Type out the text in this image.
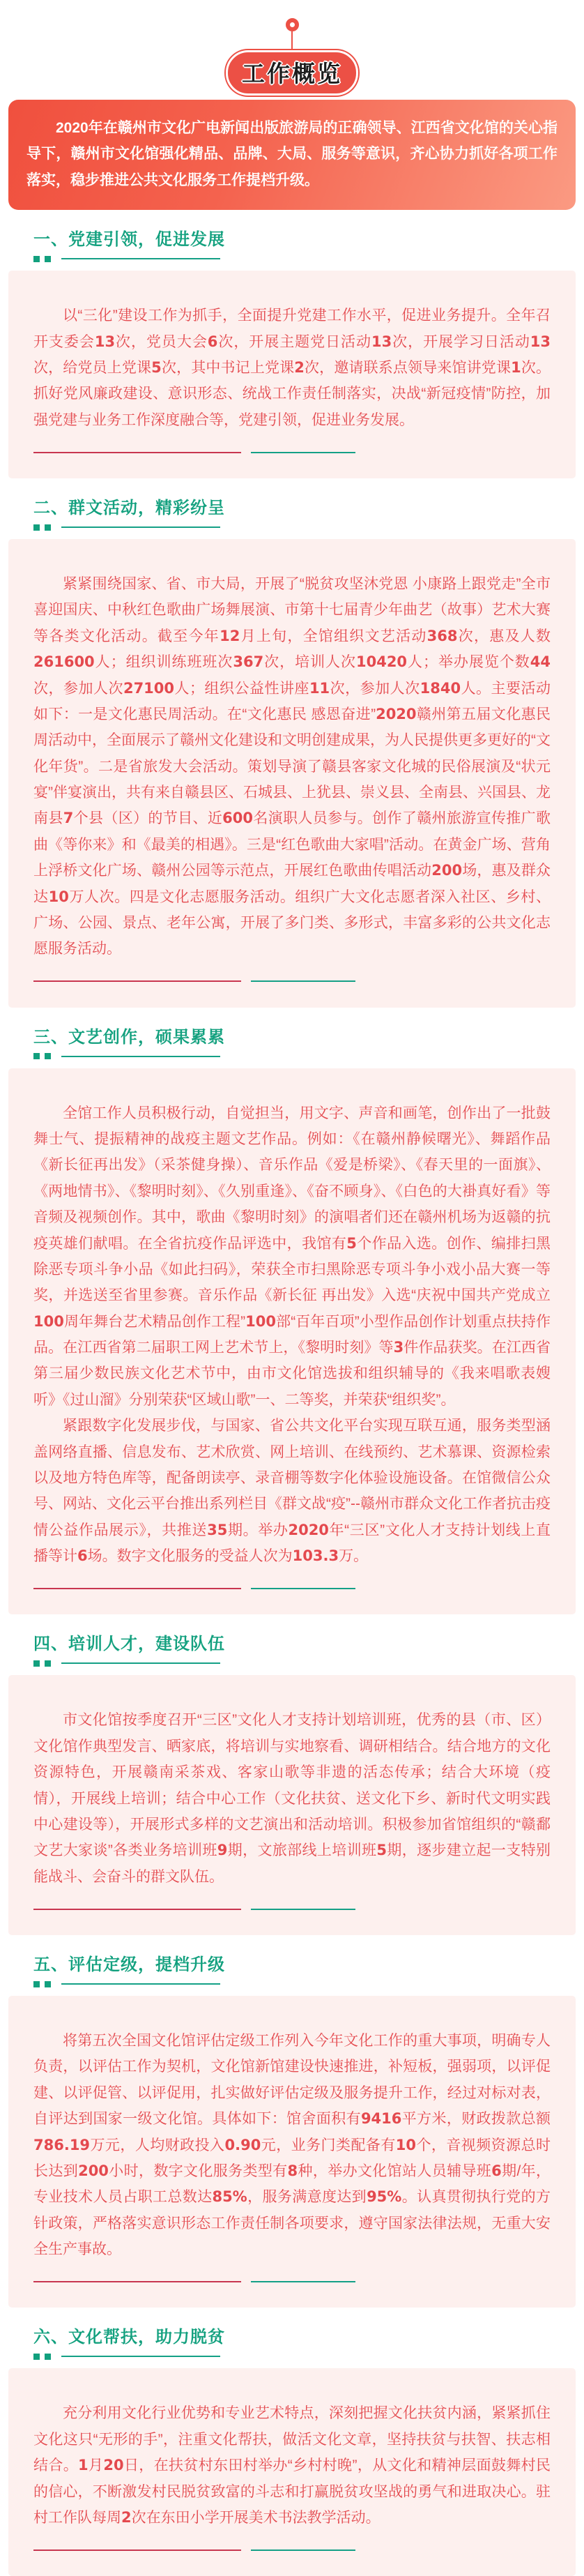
工作概览

2020年在赣州市文化广电新闻出版旅游局的正确领导、江西省文化馆的关心指导下，赣州市文化馆强化精品、品牌、大局、服务等意识，齐心协力抓好各项工作落实，稳步推进公共文化服务工作提档升级。

一、党建引领，促进发展

以“三化”建设工作为抓手，全面提升党建工作水平，促进业务提升。全年召开支委会13次，党员大会6次，开展主题党日活动13次，开展学习日活动13次，给党员上党课5次，其中书记上党课2次，邀请联系点领导来馆讲党课1次。抓好党风廉政建设、意识形态、统战工作责任制落实，决战“新冠疫情”防控，加强党建与业务工作深度融合等，党建引领，促进业务发展。

二、群文活动，精彩纷呈

紧紧围绕国家、省、市大局，开展了“脱贫攻坚沐党恩 小康路上跟党走”全市喜迎国庆、中秋红色歌曲广场舞展演、市第十七届青少年曲艺（故事）艺术大赛等各类文化活动。截至今年12月上旬，全馆组织文艺活动368次，惠及人数261600人；组织训练班班次367次，培训人次10420人；举办展览个数44次，参加人次27100人；组织公益性讲座11次，参加人次1840人。主要活动如下：一是文化惠民周活动。在“文化惠民 感恩奋进”2020赣州第五届文化惠民周活动中，全面展示了赣州文化建设和文明创建成果，为人民提供更多更好的“文化年货”。二是省旅发大会活动。策划导演了赣县客家文化城的民俗展演及“状元宴”伴宴演出，共有来自赣县区、石城县、上犹县、崇义县、全南县、兴国县、龙南县7个县（区）的节目、近600名演职人员参与。创作了赣州旅游宣传推广歌曲《等你来》和《最美的相遇》。三是“红色歌曲大家唱”活动。在黄金广场、营角上浮桥文化广场、赣州公园等示范点，开展红色歌曲传唱活动200场，惠及群众达10万人次。四是文化志愿服务活动。组织广大文化志愿者深入社区、乡村、广场、公园、景点、老年公寓，开展了多门类、多形式，丰富多彩的公共文化志愿服务活动。

三、文艺创作，硕果累累

全馆工作人员积极行动，自觉担当，用文字、声音和画笔，创作出了一批鼓舞士气、提振精神的战疫主题文艺作品。例如：《在赣州静候曙光》、舞蹈作品《新长征再出发》（采茶健身操）、音乐作品《爱是桥梁》、《春天里的一面旗》、《两地情书》、《黎明时刻》、《久别重逢》、《奋不顾身》、《白色的大褂真好看》等音频及视频创作。其中，歌曲《黎明时刻》的演唱者们还在赣州机场为返赣的抗疫英雄们献唱。在全省抗疫作品评选中，我馆有5个作品入选。创作、编排扫黑除恶专项斗争小品《如此扫码》，荣获全市扫黑除恶专项斗争小戏小品大赛一等奖，并选送至省里参赛。音乐作品《新长征 再出发》入选“庆祝中国共产党成立100周年舞台艺术精品创作工程”100部“百年百项”小型作品创作计划重点扶持作品。在江西省第二届职工网上艺术节上，《黎明时刻》等3件作品获奖。在江西省第三届少数民族文化艺术节中，由市文化馆选拔和组织辅导的《我来唱歌表嫂听》《过山溜》分别荣获“区域山歌”一、二等奖，并荣获“组织奖”。

紧跟数字化发展步伐，与国家、省公共文化平台实现互联互通，服务类型涵盖网络直播、信息发布、艺术欣赏、网上培训、在线预约、艺术慕课、资源检索以及地方特色库等，配备朗读亭、录音棚等数字化体验设施设备。在馆微信公众号、网站、文化云平台推出系列栏目《群文战“疫”--赣州市群众文化工作者抗击疫情公益作品展示》，共推送35期。举办2020年“三区”文化人才支持计划线上直播等计6场。数字文化服务的受益人次为103.3万。

四、培训人才，建设队伍

市文化馆按季度召开“三区”文化人才支持计划培训班，优秀的县（市、区）文化馆作典型发言、晒家底，将培训与实地察看、调研相结合。结合地方的文化资源特色，开展赣南采茶戏、客家山歌等非遗的活态传承；结合大环境（疫情），开展线上培训；结合中心工作（文化扶贫、送文化下乡、新时代文明实践中心建设等），开展形式多样的文艺演出和活动培训。积极参加省馆组织的“赣鄱文艺大家谈”各类业务培训班9期，文旅部线上培训班5期，逐步建立起一支特别能战斗、会奋斗的群文队伍。

五、评估定级，提档升级

将第五次全国文化馆评估定级工作列入今年文化工作的重大事项，明确专人负责，以评估工作为契机，文化馆新馆建设快速推进，补短板，强弱项，以评促建、以评促管、以评促用，扎实做好评估定级及服务提升工作，经过对标对表，自评达到国家一级文化馆。具体如下：馆舍面积有9416平方米，财政拨款总额786.19万元，人均财政投入0.90元，业务门类配备有10个，音视频资源总时长达到200小时，数字文化服务类型有8种，举办文化馆站人员辅导班6期/年，专业技术人员占职工总数达85%，服务满意度达到95%。认真贯彻执行党的方针政策，严格落实意识形态工作责任制各项要求，遵守国家法律法规，无重大安全生产事故。

六、文化帮扶，助力脱贫

充分利用文化行业优势和专业艺术特点，深刻把握文化扶贫内涵，紧紧抓住文化这只“无形的手”，注重文化帮扶，做活文化文章，坚持扶贫与扶智、扶志相结合。1月20日，在扶贫村东田村举办“乡村村晚”，从文化和精神层面鼓舞村民的信心，不断激发村民脱贫致富的斗志和打赢脱贫攻坚战的勇气和进取决心。驻村工作队每周2次在东田小学开展美术书法教学活动。
